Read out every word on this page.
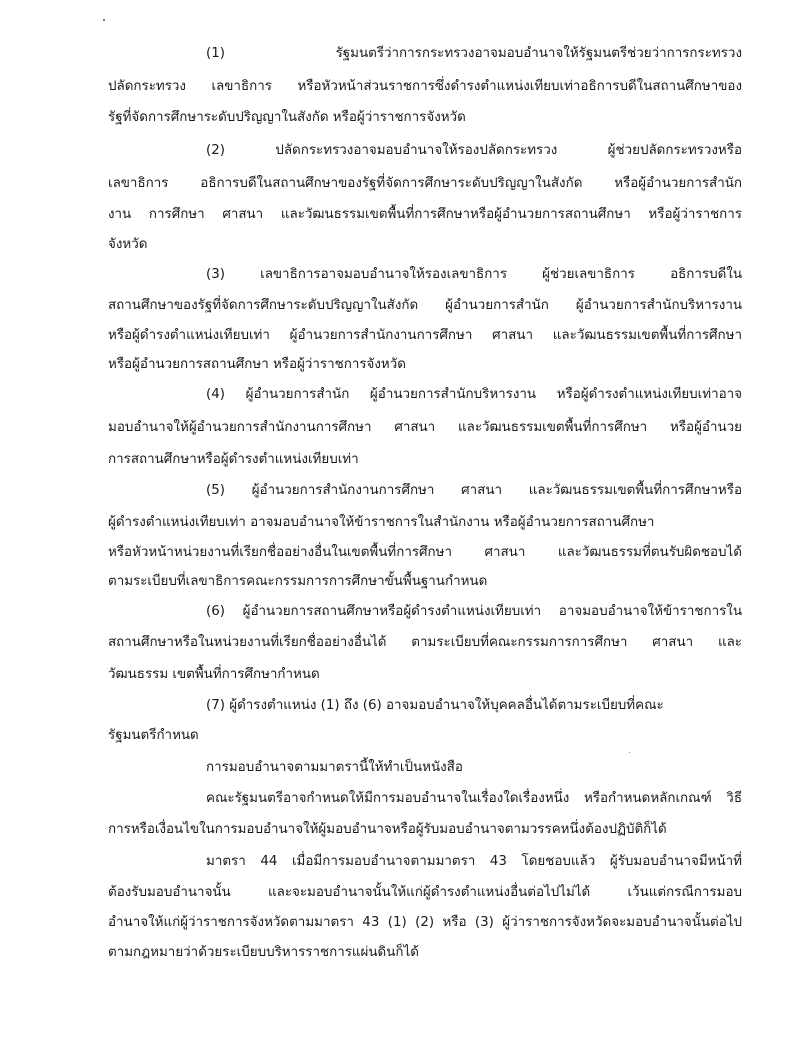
(1) รัฐมนตรีว่าการกระทรวงอาจมอบอำนาจให้รัฐมนตรีช่วยว่าการกระทรวง
ปลัดกระทรวง เลขาธิการ หรือหัวหน้าส่วนราชการซึ่งดำรงตำแหน่งเทียบเท่าอธิการบดีในสถานศึกษาของ
รัฐที่จัดการศึกษาระดับปริญญาในสังกัด หรือผู้ว่าราชการจังหวัด
(2) ปลัดกระทรวงอาจมอบอำนาจให้รองปลัดกระทรวง ผู้ช่วยปลัดกระทรวงหรือ
เลขาธิการ อธิการบดีในสถานศึกษาของรัฐที่จัดการศึกษาระดับปริญญาในสังกัด หรือผู้อำนวยการสำนัก
งาน การศึกษา ศาสนา และวัฒนธรรมเขตพื้นที่การศึกษาหรือผู้อำนวยการสถานศึกษา หรือผู้ว่าราชการ
จังหวัด
(3) เลขาธิการอาจมอบอำนาจให้รองเลขาธิการ ผู้ช่วยเลขาธิการ อธิการบดีใน
สถานศึกษาของรัฐที่จัดการศึกษาระดับปริญญาในสังกัด ผู้อำนวยการสำนัก ผู้อำนวยการสำนักบริหารงาน
หรือผู้ดำรงตำแหน่งเทียบเท่า ผู้อำนวยการสำนักงานการศึกษา ศาสนา และวัฒนธรรมเขตพื้นที่การศึกษา
หรือผู้อำนวยการสถานศึกษา หรือผู้ว่าราชการจังหวัด
(4) ผู้อำนวยการสำนัก ผู้อำนวยการสำนักบริหารงาน หรือผู้ดำรงตำแหน่งเทียบเท่าอาจ
มอบอำนาจให้ผู้อำนวยการสำนักงานการศึกษา ศาสนา และวัฒนธรรมเขตพื้นที่การศึกษา หรือผู้อำนวย
การสถานศึกษาหรือผู้ดำรงตำแหน่งเทียบเท่า
(5) ผู้อำนวยการสำนักงานการศึกษา ศาสนา และวัฒนธรรมเขตพื้นที่การศึกษาหรือ
ผู้ดำรงตำแหน่งเทียบเท่า อาจมอบอำนาจให้ข้าราชการในสำนักงาน หรือผู้อำนวยการสถานศึกษา
หรือหัวหน้าหน่วยงานที่เรียกชื่ออย่างอื่นในเขตพื้นที่การศึกษา ศาสนา และวัฒนธรรมที่ตนรับผิดชอบได้
ตามระเบียบที่เลขาธิการคณะกรรมการการศึกษาขั้นพื้นฐานกำหนด
(6) ผู้อำนวยการสถานศึกษาหรือผู้ดำรงตำแหน่งเทียบเท่า อาจมอบอำนาจให้ข้าราชการใน
สถานศึกษาหรือในหน่วยงานที่เรียกชื่ออย่างอื่นได้ ตามระเบียบที่คณะกรรมการการศึกษา ศาสนา และ
วัฒนธรรม เขตพื้นที่การศึกษากำหนด
(7) ผู้ดำรงตำแหน่ง (1) ถึง (6) อาจมอบอำนาจให้บุคคลอื่นได้ตามระเบียบที่คณะ
รัฐมนตรีกำหนด
การมอบอำนาจตามมาตรานี้ให้ทำเป็นหนังสือ
คณะรัฐมนตรีอาจกำหนดให้มีการมอบอำนาจในเรื่องใดเรื่องหนึ่ง หรือกำหนดหลักเกณฑ์ วิธี
การหรือเงื่อนไขในการมอบอำนาจให้ผู้มอบอำนาจหรือผู้รับมอบอำนาจตามวรรคหนึ่งต้องปฏิบัติก็ได้
มาตรา 44 เมื่อมีการมอบอำนาจตามมาตรา 43 โดยชอบแล้ว ผู้รับมอบอำนาจมีหน้าที่
ต้องรับมอบอำนาจนั้น และจะมอบอำนาจนั้นให้แก่ผู้ดำรงตำแหน่งอื่นต่อไปไม่ได้ เว้นแต่กรณีการมอบ
อำนาจให้แก่ผู้ว่าราชการจังหวัดตามมาตรา 43 (1) (2) หรือ (3) ผู้ว่าราชการจังหวัดจะมอบอำนาจนั้นต่อไป
ตามกฎหมายว่าด้วยระเบียบบริหารราชการแผ่นดินก็ได้
